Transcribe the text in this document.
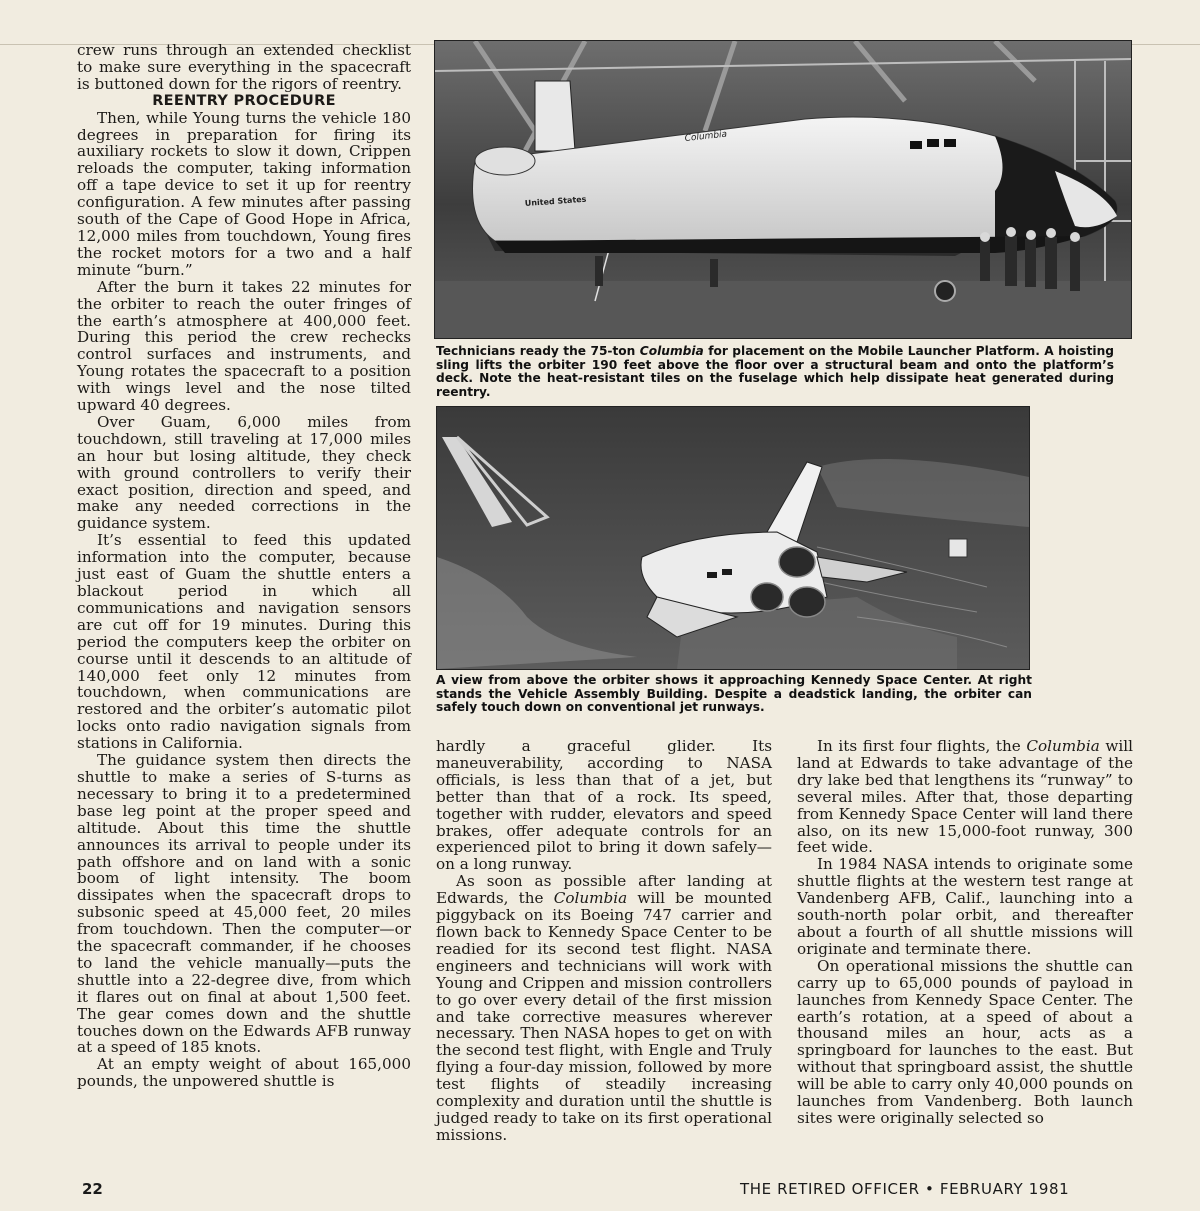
crew runs through an extended checklist to make sure everything in the spacecraft is buttoned down for the rigors of reentry.

REENTRY PROCEDURE

Then, while Young turns the vehicle 180 degrees in preparation for firing its auxiliary rockets to slow it down, Crippen reloads the computer, taking information off a tape device to set it up for reentry configuration. A few minutes after passing south of the Cape of Good Hope in Africa, 12,000 miles from touchdown, Young fires the rocket motors for a two and a half minute “burn.”

After the burn it takes 22 minutes for the orbiter to reach the outer fringes of the earth’s atmosphere at 400,000 feet. During this period the crew rechecks control surfaces and instruments, and Young rotates the spacecraft to a position with wings level and the nose tilted upward 40 degrees.

Over Guam, 6,000 miles from touchdown, still traveling at 17,000 miles an hour but losing altitude, they check with ground controllers to verify their exact position, direction and speed, and make any needed corrections in the guidance system.

It’s essential to feed this updated information into the computer, because just east of Guam the shuttle enters a blackout period in which all communications and navigation sensors are cut off for 19 minutes. During this period the computers keep the orbiter on course until it descends to an altitude of 140,000 feet only 12 minutes from touchdown, when communications are restored and the orbiter’s automatic pilot locks onto radio navigation signals from stations in California.

The guidance system then directs the shuttle to make a series of S-turns as necessary to bring it to a predetermined base leg point at the proper speed and altitude. About this time the shuttle announces its arrival to people under its path offshore and on land with a sonic boom of light intensity. The boom dissipates when the spacecraft drops to subsonic speed at 45,000 feet, 20 miles from touchdown. Then the computer—or the spacecraft commander, if he chooses to land the vehicle manually—puts the shuttle into a 22-degree dive, from which it flares out on final at about 1,500 feet. The gear comes down and the shuttle touches down on the Edwards AFB runway at a speed of 185 knots.

At an empty weight of about 165,000 pounds, the unpowered shuttle is

Columbia
United States
Technicians ready the 75-ton Columbia for placement on the Mobile Launcher Platform. A hoisting sling lifts the orbiter 190 feet above the floor over a structural beam and onto the platform’s deck. Note the heat-resistant tiles on the fuselage which help dissipate heat generated during reentry.
A view from above the orbiter shows it approaching Kennedy Space Center. At right stands the Vehicle Assembly Building. Despite a deadstick landing, the orbiter can safely touch down on conventional jet runways.

hardly a graceful glider. Its maneuverability, according to NASA officials, is less than that of a jet, but better than that of a rock. Its speed, together with rudder, elevators and speed brakes, offer adequate controls for an experienced pilot to bring it down safely—on a long runway.

As soon as possible after landing at Edwards, the Columbia will be mounted piggyback on its Boeing 747 carrier and flown back to Kennedy Space Center to be readied for its second test flight. NASA engineers and technicians will work with Young and Crippen and mission controllers to go over every detail of the first mission and take corrective measures wherever necessary. Then NASA hopes to get on with the second test flight, with Engle and Truly flying a four-day mission, followed by more test flights of steadily increasing complexity and duration until the shuttle is judged ready to take on its first operational missions.

In its first four flights, the Columbia will land at Edwards to take advantage of the dry lake bed that lengthens its “runway” to several miles. After that, those departing from Kennedy Space Center will land there also, on its new 15,000-foot runway, 300 feet wide.

In 1984 NASA intends to originate some shuttle flights at the western test range at Vandenberg AFB, Calif., launching into a south-north polar orbit, and thereafter about a fourth of all shuttle missions will originate and terminate there.

On operational missions the shuttle can carry up to 65,000 pounds of payload in launches from Kennedy Space Center. The earth’s rotation, at a speed of about a thousand miles an hour, acts as a springboard for launches to the east. But without that springboard assist, the shuttle will be able to carry only 40,000 pounds on launches from Vandenberg. Both launch sites were originally selected so

22	THE RETIRED OFFICER • FEBRUARY 1981
